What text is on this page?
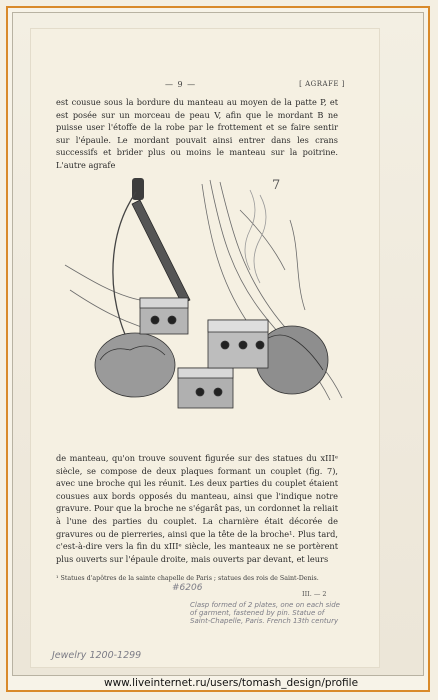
— 9 —	[ AGRAFE ]

est cousue sous la bordure du manteau au moyen de la patte P, et est posée sur un morceau de peau V, afin que le mordant B ne puisse user l'étoffe de la robe par le frottement et se faire sentir sur l'épaule. Le mordant pouvait ainsi entrer dans les crans successifs et brider plus ou moins le manteau sur la poitrine. L'autre agrafe

7

de manteau, qu'on trouve souvent figurée sur des statues du xIIIᵉ siècle, se compose de deux plaques formant un couplet (fig. 7), avec une broche qui les réunit. Les deux parties du couplet étaient cousues aux bords opposés du manteau, ainsi que l'indique notre gravure. Pour que la broche ne s'égarât pas, un cordonnet la reliait à l'une des parties du couplet. La charnière était décorée de gravures ou de pierreries, ainsi que la tête de la broche¹. Plus tard, c'est-à-dire vers la fin du xIIIᵉ siècle, les manteaux ne se portèrent plus ouverts sur l'épaule droite, mais ouverts par devant, et leurs

¹ Statues d'apôtres de la sainte chapelle de Paris ; statues des rois de Saint-Denis.
III. — 2
#6206
Clasp formed of 2 plates, one on each side of garment, fastened by pin. Statue of Saint-Chapelle, Paris. French 13th century
Jewelry 1200-1299
www.liveinternet.ru/users/tomash_design/profile
